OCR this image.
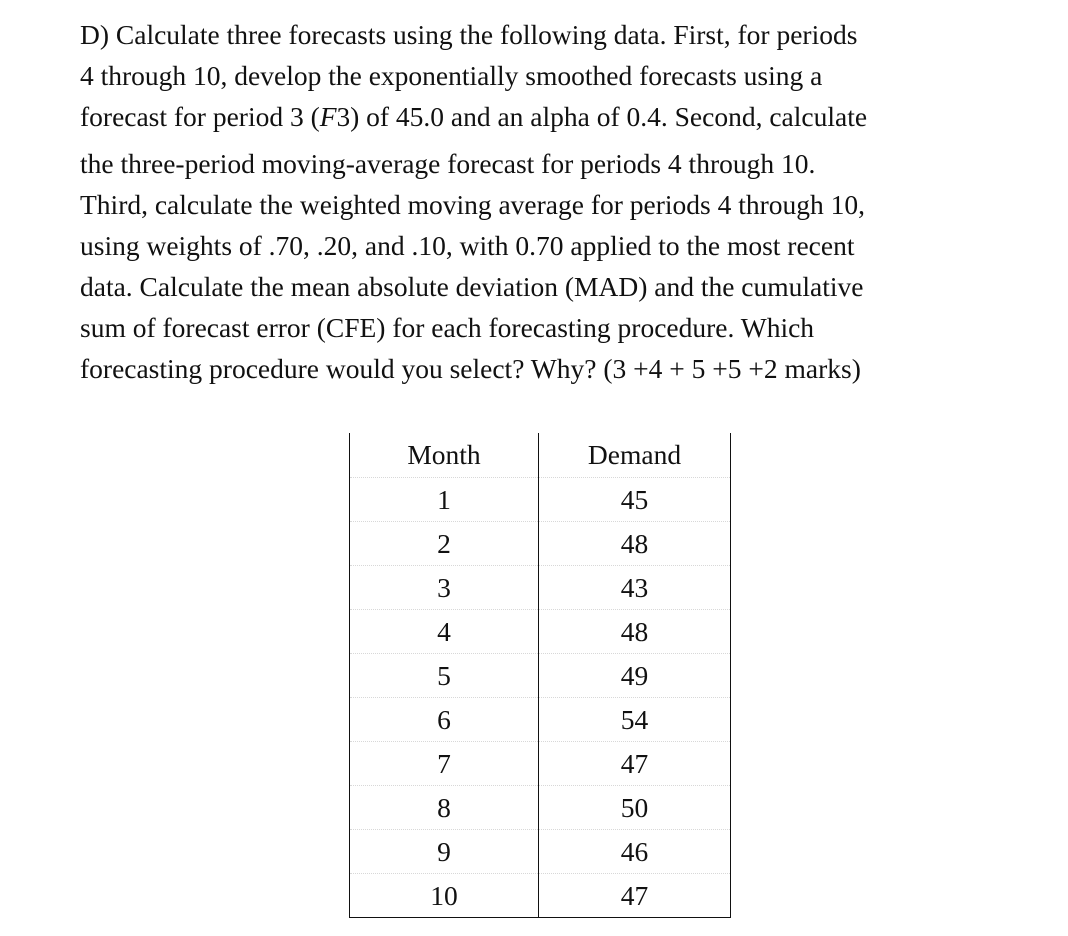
D) Calculate three forecasts using the following data. First, for periods
4 through 10, develop the exponentially smoothed forecasts using a
forecast for period 3 (F3) of 45.0 and an alpha of 0.4. Second, calculate
the three-period moving-average forecast for periods 4 through 10.
Third, calculate the weighted moving average for periods 4 through 10,
using weights of .70, .20, and .10, with 0.70 applied to the most recent
data. Calculate the mean absolute deviation (MAD) and the cumulative
sum of forecast error (CFE) for each forecasting procedure. Which
forecasting procedure would you select? Why? (3 +4 + 5 +5 +2 marks)
Month	Demand
1	45
2	48
3	43
4	48
5	49
6	54
7	47
8	50
9	46
10	47
